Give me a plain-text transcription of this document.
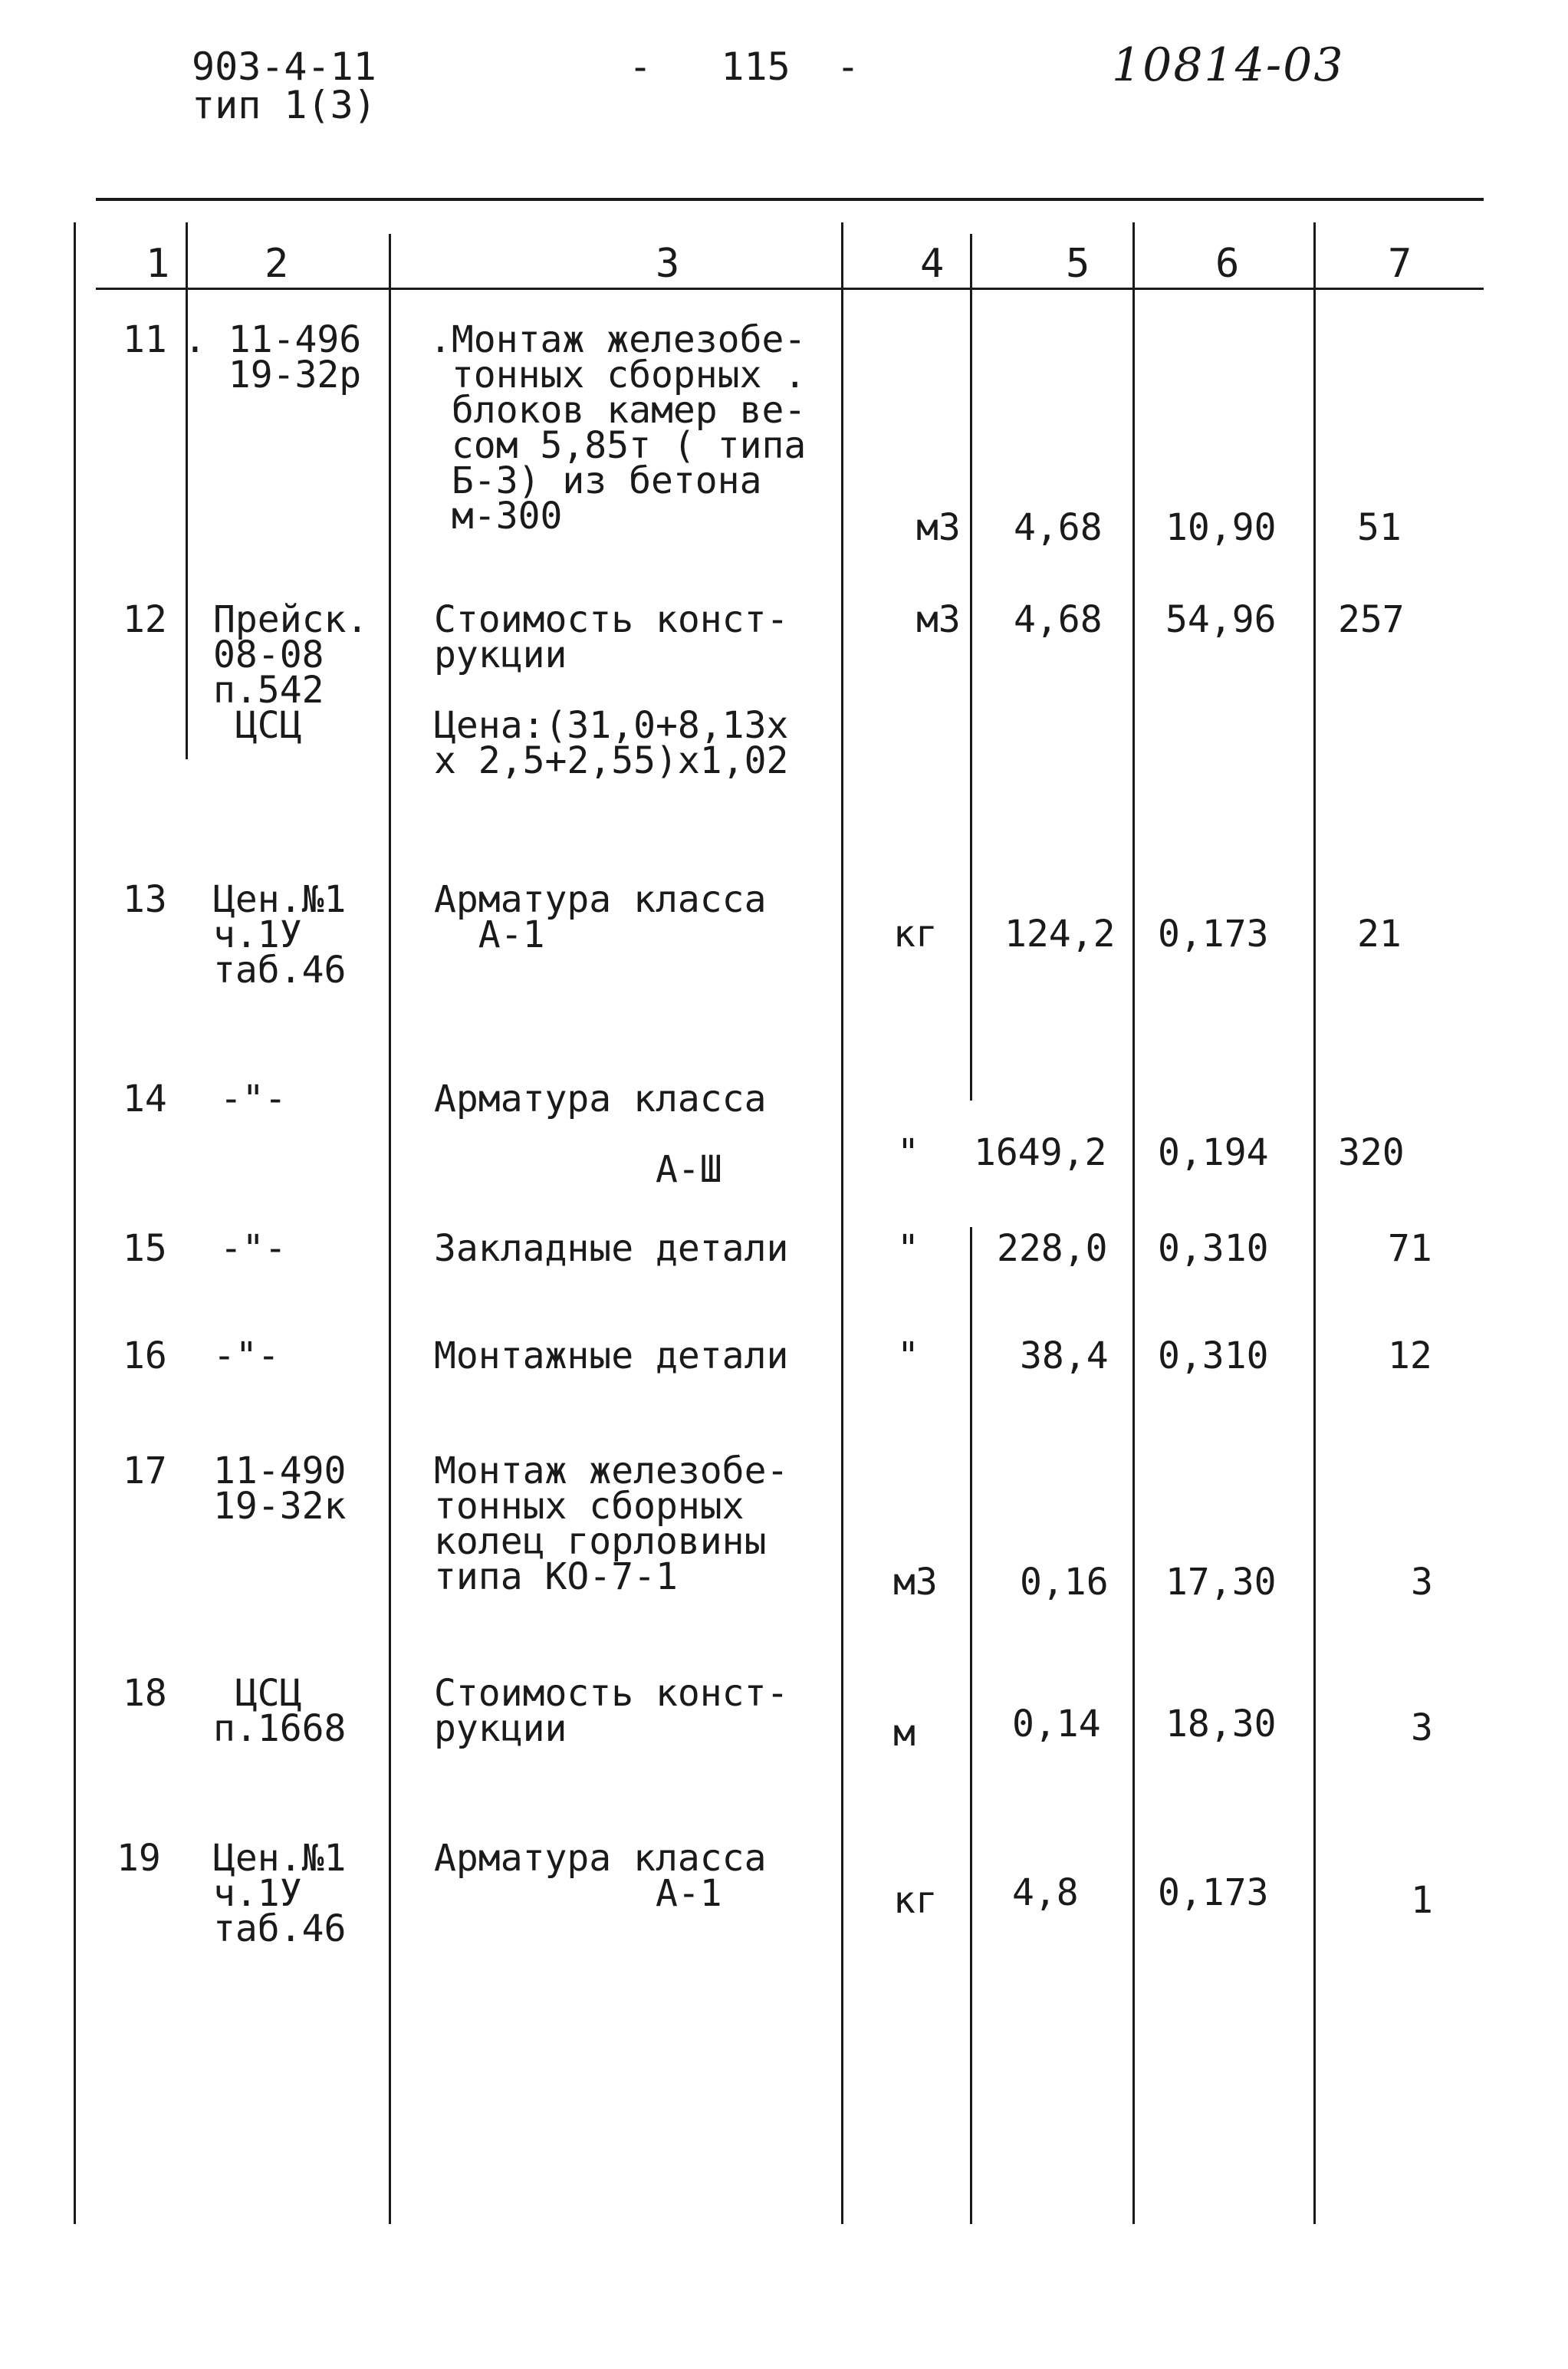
903-4-11
тип 1(3)
-   115  -	10814-03
1 2	3	4	5	6	7
11 . 11-496
19-32р
.Монтаж железобе-
тонных сборных .
блоков камер ве-
сом 5,85т ( типа
Б-3) из бетона
м-300	м3 4,68 10,90 51
12 Прейск.
08-08
п.542
ЦСЦ
Стоимость конст-
рукции

Цена:(31,0+8,13х
х 2,5+2,55)х1,02
м3 4,68 54,96 257
13 Цен.№1
ч.1У
таб.46
Арматура класса
А-1	кг 124,2 0,173 21
14 -"-	Арматура класса

А-Ш	" 1649,2 0,194 320
15 -"-	Закладные детали	" 228,0 0,310	71
16 -"-	Монтажные детали	"	38,4 0,310	12
17 11-490
19-32к
Монтаж железобе-
тонных сборных
колец горловины
типа КО-7-1	м3 0,16 17,30	3
18	ЦСЦ
п.1668
Стоимость конст-
рукции	м	0,14 18,30	3
19 Цен.№1
ч.1У
таб.46
Арматура класса
А-1	кг 4,8 0,173	1
